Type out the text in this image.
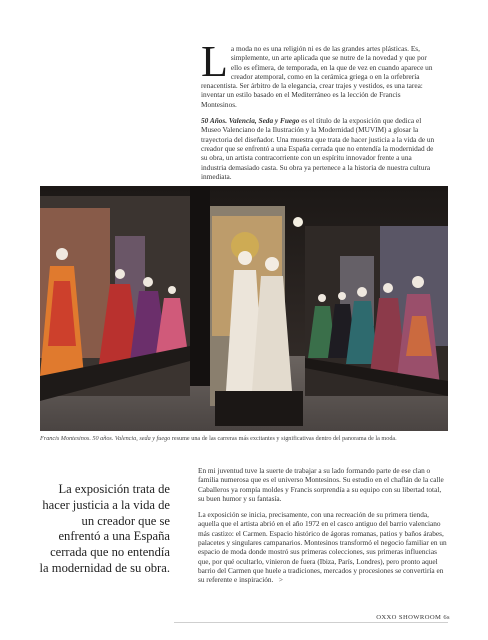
L a moda no es una religión ni es de las grandes artes plásticas. Es, simplemente, un arte aplicada que se nutre de la novedad y que por ello es efímera, de temporada, en la que de vez en cuando aparece un creador atemporal, como en la cerámica griega o en la orfebrería renacentista. Ser árbitro de la elegancia, crear trajes y vestidos, es una tarea: inventar un estilo basado en el Mediterráneo es la lección de Francis Montesinos.

50 Años. Valencia, Seda y Fuego es el título de la exposición que dedica el Museo Valenciano de la Ilustración y la Modernidad (MUVIM) a glosar la trayectoria del diseñador. Una muestra que trata de hacer justicia a la vida de un creador que se enfrentó a una España cerrada que no entendía la modernidad de su obra, un artista contracorriente con un espíritu innovador frente a una industria demasiado casta. Su obra ya pertenece a la historia de nuestra cultura inmediata.

Francis Montesinos. 50 años. Valencia, seda y fuego resume una de las carreras más excitantes y significativas dentro del panorama de la moda.
La exposición trata de hacer justicia a la vida de un creador que se enfrentó a una España cerrada que no entendía la modernidad de su obra.

En mi juventud tuve la suerte de trabajar a su lado formando parte de ese clan o familia numerosa que es el universo Montesinos. Su estudio en el chaflán de la calle Caballeros ya rompía moldes y Francis sorprendía a su equipo con su libertad total, su buen humor y su fantasía.

La exposición se inicia, precisamente, con una recreación de su primera tienda, aquella que el artista abrió en el año 1972 en el casco antiguo del barrio valenciano más castizo: el Carmen. Espacio histórico de ágoras romanas, patios y baños árabes, palacetes y singulares campanarios. Montesinos transformó el negocio familiar en un espacio de moda donde mostró sus primeras colecciones, sus primeras influencias que, por qué ocultarlo, vinieron de fuera (Ibiza, París, Londres), pero pronto aquel barrio del Carmen que huele a tradiciones, mercados y procesiones se convertiría en su referente e inspiración. >

OXXO SHOWROOM 6s
